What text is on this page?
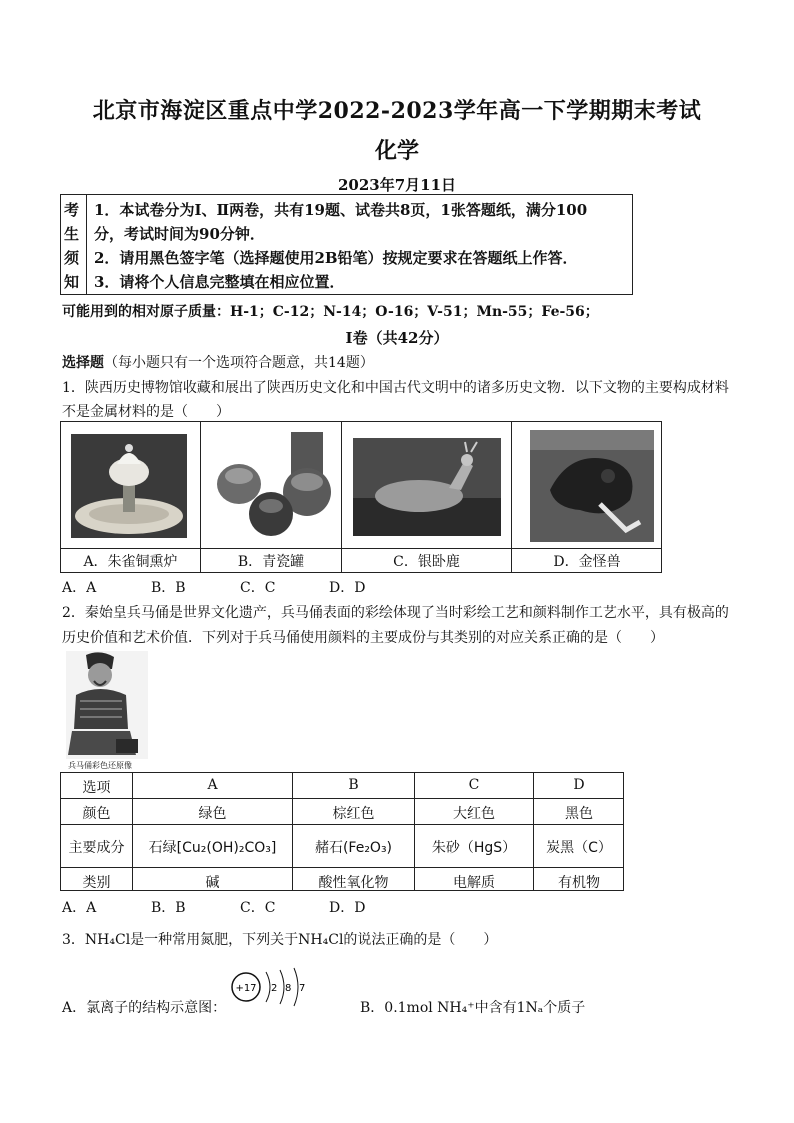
北京市海淀区重点中学2022-2023学年高一下学期期末考试
化学
2023年7月11日
考
生
须
知
1．本试卷分为Ⅰ、Ⅱ两卷，共有19题、试卷共8页，1张答题纸，满分100
分，考试时间为90分钟．
2．请用黑色签字笔（选择题使用2B铅笔）按规定要求在答题纸上作答．
3．请将个人信息完整填在相应位置．
可能用到的相对原子质量：H-1；C-12；N-14；O-16；V-51；Mn-55；Fe-56；
Ⅰ卷（共42分）
选择题（每小题只有一个选项符合题意，共14题）
1．陕西历史博物馆收藏和展出了陕西历史文化和中国古代文明中的诸多历史文物．以下文物的主要构成材料
不是金属材料的是（　　）
A．朱雀铜熏炉	B．青瓷罐	C．银卧鹿	D．金怪兽
A．A	B．B	C．C	D．D
2．秦始皇兵马俑是世界文化遗产，兵马俑表面的彩绘体现了当时彩绘工艺和颜料制作工艺水平，具有极高的
历史价值和艺术价值．下列对于兵马俑使用颜料的主要成份与其类别的对应关系正确的是（　　）
兵马俑彩色还原像
选项	A	B	C	D
颜色	绿色	棕红色	大红色	黑色
主要成分	石绿[Cu₂(OH)₂CO₃]	赭石(Fe₂O₃)	朱砂（HgS）	炭黑（C）
类别	碱	酸性氧化物	电解质	有机物
A．A	B．B	C．C	D．D
3．NH₄Cl是一种常用氮肥，下列关于NH₄Cl的说法正确的是（　　）
A．氯离子的结构示意图：
+17 2 8 7
B．0.1mol NH₄⁺中含有1Nₐ个质子
